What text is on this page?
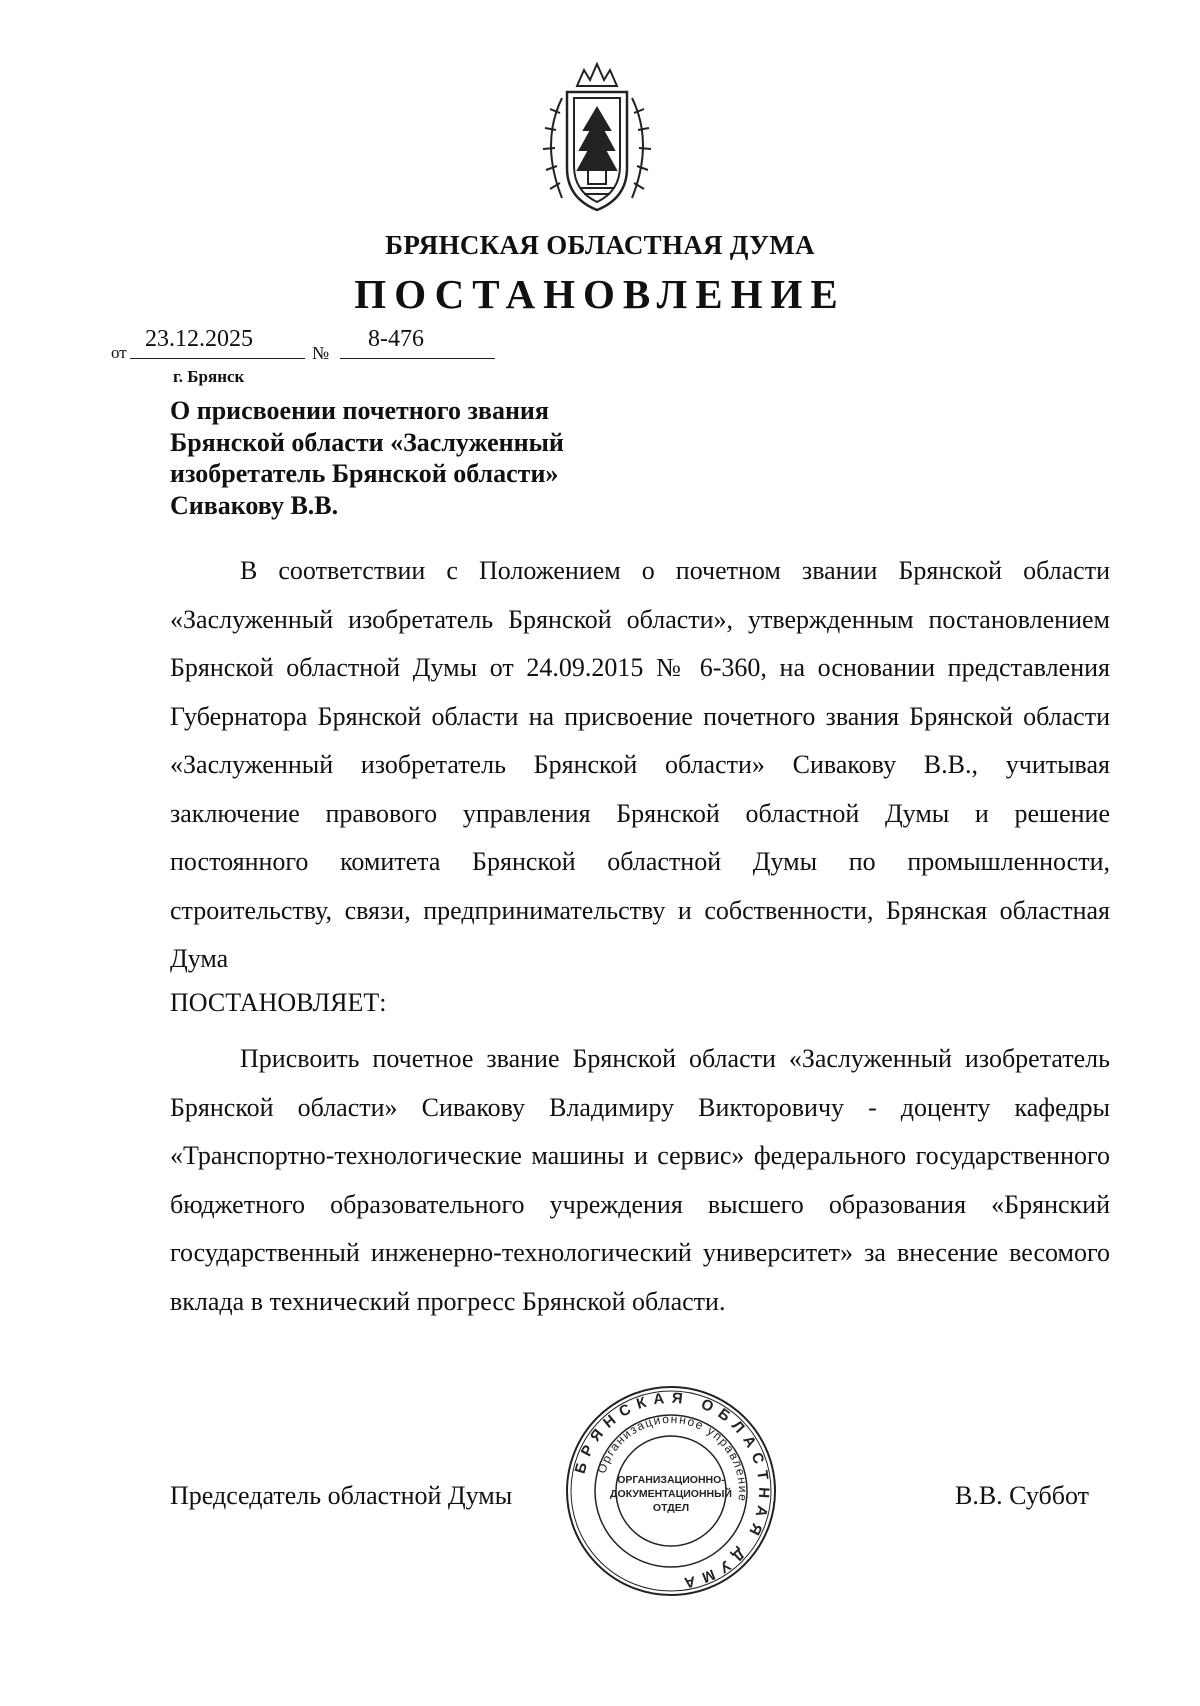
БРЯНСКАЯ ОБЛАСТНАЯ ДУМА
ПОСТАНОВЛЕНИЕ
от
23.12.2025
№
8-476
г. Брянск
О присвоении почетного звания Брянской области «Заслуженный изобретатель Брянской области» Сивакову В.В.
В соответствии с Положением о почетном звании Брянской области «Заслуженный изобретатель Брянской области», утвержденным постановлением Брянской областной Думы от 24.09.2015 № 6-360, на основании представления Губернатора Брянской области на присвоение почетного звания Брянской области «Заслуженный изобретатель Брянской области» Сивакову В.В., учитывая заключение правового управления Брянской областной Думы и решение постоянного комитета Брянской областной Думы по промышленности, строительству, связи, предпринимательству и собственности, Брянская областная Дума
ПОСТАНОВЛЯЕТ:
Присвоить почетное звание Брянской области «Заслуженный изобретатель Брянской области» Сивакову Владимиру Викторовичу - доценту кафедры «Транспортно-технологические машины и сервис» федерального государственного бюджетного образовательного учреждения высшего образования «Брянский государственный инженерно-технологический университет» за внесение весомого вклада в технический прогресс Брянской области.
Председатель областной Думы	В.В. Суббот
БРЯНСКАЯ ОБЛАСТНАЯ ДУМА
Организационное управление
ОРГАНИЗАЦИОННО-
ДОКУМЕНТАЦИОННЫЙ
ОТДЕЛ
